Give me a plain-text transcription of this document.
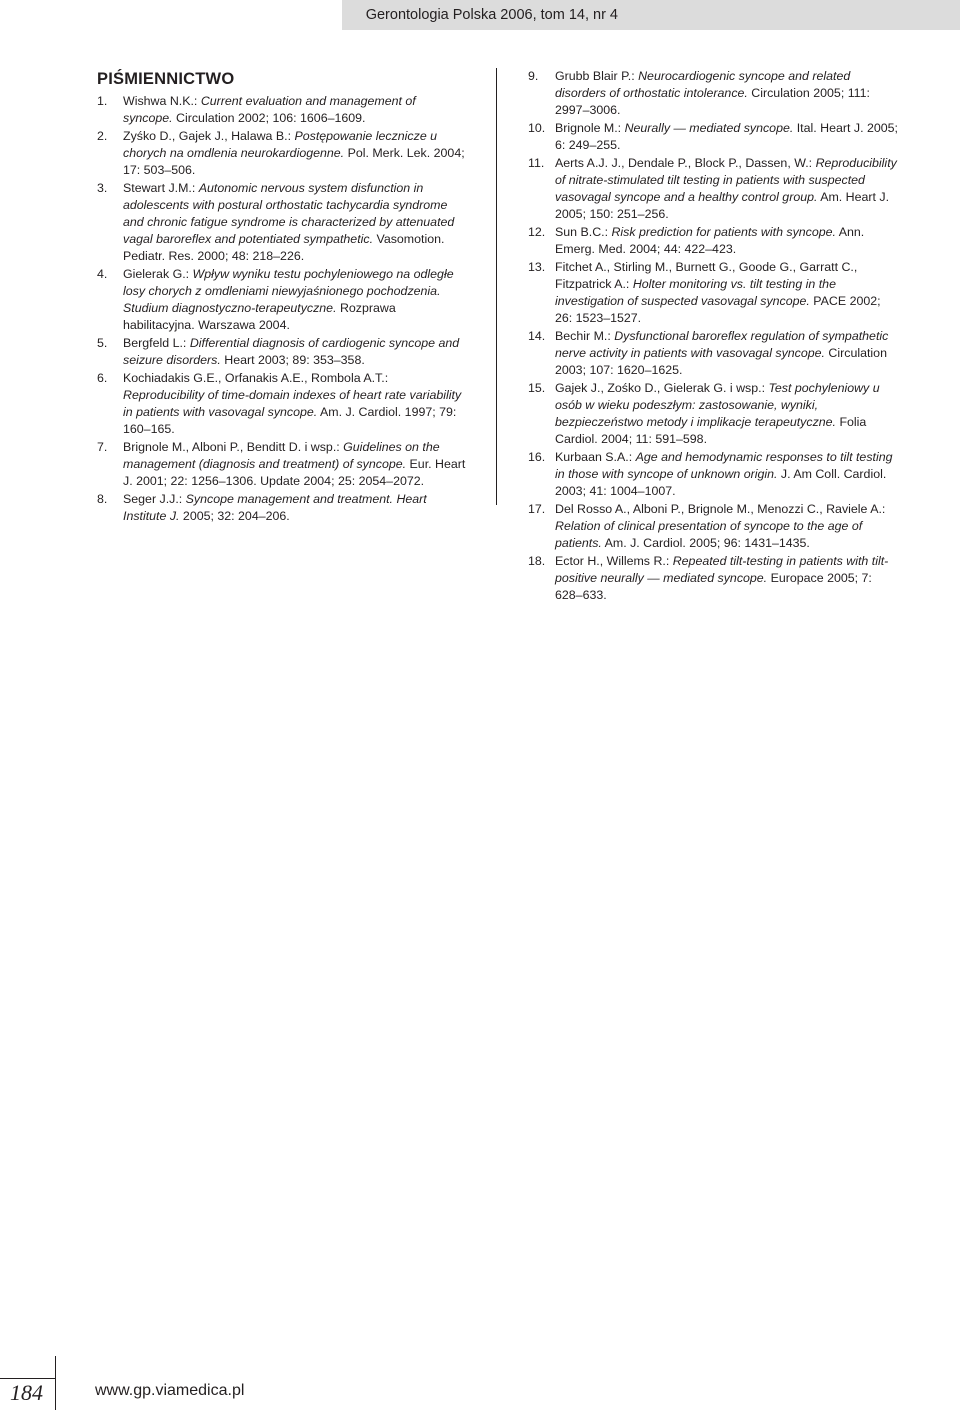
Gerontologia Polska 2006, tom 14, nr 4
PIŚMIENNICTWO
1. Wishwa N.K.: Current evaluation and management of syncope. Circulation 2002; 106: 1606–1609.
2. Zyśko D., Gajek J., Halawa B.: Postępowanie lecznicze u chorych na omdlenia neurokardiogenne. Pol. Merk. Lek. 2004; 17: 503–506.
3. Stewart J.M.: Autonomic nervous system disfunction in adolescents with postural orthostatic tachycardia syndrome and chronic fatigue syndrome is characterized by attenuated vagal baroreflex and potentiated sympathetic. Vasomotion. Pediatr. Res. 2000; 48: 218–226.
4. Gielerak G.: Wpływ wyniku testu pochyleniowego na odległe losy chorych z omdleniami niewyjaśnionego pochodzenia. Studium diagnostyczno-terapeutyczne. Rozprawa habilitacyjna. Warszawa 2004.
5. Bergfeld L.: Differential diagnosis of cardiogenic syncope and seizure disorders. Heart 2003; 89: 353–358.
6. Kochiadakis G.E., Orfanakis A.E., Rombola A.T.: Reproducibility of time-domain indexes of heart rate variability in patients with vasovagal syncope. Am. J. Cardiol. 1997; 79: 160–165.
7. Brignole M., Alboni P., Benditt D. i wsp.: Guidelines on the management (diagnosis and treatment) of syncope. Eur. Heart J. 2001; 22: 1256–1306. Update 2004; 25: 2054–2072.
8. Seger J.J.: Syncope management and treatment. Heart Institute J. 2005; 32: 204–206.
9. Grubb Blair P.: Neurocardiogenic syncope and related disorders of orthostatic intolerance. Circulation 2005; 111: 2997–3006.
10. Brignole M.: Neurally — mediated syncope. Ital. Heart J. 2005; 6: 249–255.
11. Aerts A.J. J., Dendale P., Block P., Dassen, W.: Reproducibility of nitrate-stimulated tilt testing in patients with suspected vasovagal syncope and a healthy control group. Am. Heart J. 2005; 150: 251–256.
12. Sun B.C.: Risk prediction for patients with syncope. Ann. Emerg. Med. 2004; 44: 422–423.
13. Fitchet A., Stirling M., Burnett G., Goode G., Garratt C., Fitzpatrick A.: Holter monitoring vs. tilt testing in the investigation of suspected vasovagal syncope. PACE 2002; 26: 1523–1527.
14. Bechir M.: Dysfunctional baroreflex regulation of sympathetic nerve activity in patients with vasovagal syncope. Circulation 2003; 107: 1620–1625.
15. Gajek J., Zośko D., Gielerak G. i wsp.: Test pochyleniowy u osób w wieku podeszłym: zastosowanie, wyniki, bezpieczeństwo metody i implikacje terapeutyczne. Folia Cardiol. 2004; 11: 591–598.
16. Kurbaan S.A.: Age and hemodynamic responses to tilt testing in those with syncope of unknown origin. J. Am Coll. Cardiol. 2003; 41: 1004–1007.
17. Del Rosso A., Alboni P., Brignole M., Menozzi C., Raviele A.: Relation of clinical presentation of syncope to the age of patients. Am. J. Cardiol. 2005; 96: 1431–1435.
18. Ector H., Willems R.: Repeated tilt-testing in patients with tilt-positive neurally — mediated syncope. Europace 2005; 7: 628–633.
184	www.gp.viamedica.pl
